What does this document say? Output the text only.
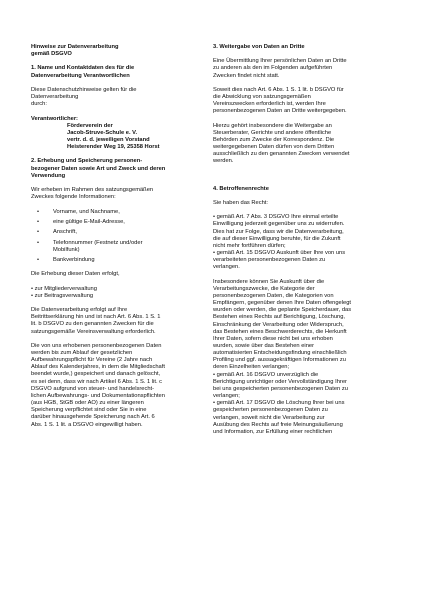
Hinweise zur Datenverarbeitung
gemäß DSGVO

1. Name und Kontaktdaten des für die
Datenverarbeitung Verantwortlichen

Diese Datenschutzhinweise gelten für die
Datenverarbeitung
durch:

Verantwortlicher:

Förderverein der
Jacob-Struve-Schule e. V.
vertr. d. d. jeweiligen Vorstand
Heisterender Weg 19, 25358 Horst

2. Erhebung und Speicherung personen-
bezogener Daten sowie Art und Zweck und deren
Verwendung

Wir erheben im Rahmen des satzungsgemäßen
Zweckes folgende Informationen:

• Vorname, und Nachname,
• eine gültige E-Mail-Adresse,
• Anschrift,
• Telefonnummer (Festnetz und/oder
Mobilfunk)
• Bankverbindung

Die Erhebung dieser Daten erfolgt,

• zur Mitgliederverwaltung
• zur Beitragsverwaltung

Die Datenverarbeitung erfolgt auf Ihre
Beitrittserklärung hin und ist nach Art. 6 Abs. 1 S. 1
lit. b DSGVO zu den genannten Zwecken für die
satzungsgemäße Vereinsverwaltung erforderlich.

Die von uns erhobenen personenbezogenen Daten
werden bis zum Ablauf der gesetzlichen
Aufbewahrungspflicht für Vereine (2 Jahre nach
Ablauf des Kalenderjahres, in dem die Mitgliedschaft
beendet wurde,) gespeichert und danach gelöscht,
es sei denn, dass wir nach Artikel 6 Abs. 1 S. 1 lit. c
DSGVO aufgrund von steuer- und handelsrecht-
lichen Aufbewahrungs- und Dokumentationspflichten
(aus HGB, StGB oder AO) zu einer längeren
Speicherung verpflichtet sind oder Sie in eine
darüber hinausgehende Speicherung nach Art. 6
Abs. 1 S. 1 lit. a DSGVO eingewilligt haben.

3. Weitergabe von Daten an Dritte

Eine Übermittlung Ihrer persönlichen Daten an Dritte
zu anderen als den im Folgenden aufgeführten
Zwecken findet nicht statt.

Soweit dies nach Art. 6 Abs. 1 S. 1 lit. b DSGVO für
die Abwicklung von satzungsgemäßen
Vereinszwecken erforderlich ist, werden Ihre
personenbezogenen Daten an Dritte weitergegeben.

Hierzu gehört insbesondere die Weitergabe an
Steuerberater, Gerichte und andere öffentliche
Behörden zum Zwecke der Korrespondenz. Die
weitergegebenen Daten dürfen von dem Dritten
ausschließlich zu den genannten Zwecken verwendet
werden.

4. Betroffenenrechte

Sie haben das Recht:

• gemäß Art. 7 Abs. 3 DSGVO Ihre einmal erteilte
Einwilligung jederzeit gegenüber uns zu widerrufen.
Dies hat zur Folge, dass wir die Datenverarbeitung,
die auf dieser Einwilligung beruhte, für die Zukunft
nicht mehr fortführen dürfen;
• gemäß Art. 15 DSGVO Auskunft über Ihre von uns
verarbeiteten personenbezogenen Daten zu
verlangen.

Insbesondere können Sie Auskunft über die
Verarbeitungszwecke, die Kategorie der
personenbezogenen Daten, die Kategorien von
Empfängern, gegenüber denen Ihre Daten offengelegt
wurden oder werden, die geplante Speicherdauer, das
Bestehen eines Rechts auf Berichtigung, Löschung,
Einschränkung der Verarbeitung oder Widerspruch,
das Bestehen eines Beschwerderechts, die Herkunft
Ihrer Daten, sofern diese nicht bei uns erhoben
wurden, sowie über das Bestehen einer
automatisierten Entscheidungsfindung einschließlich
Profiling und ggf. aussagekräftigen Informationen zu
deren Einzelheiten verlangen;
• gemäß Art. 16 DSGVO unverzüglich die
Berichtigung unrichtiger oder Vervollständigung Ihrer
bei uns gespeicherten personenbezogenen Daten zu
verlangen;
• gemäß Art. 17 DSGVO die Löschung Ihrer bei uns
gespeicherten personenbezogenen Daten zu
verlangen, soweit nicht die Verarbeitung zur
Ausübung des Rechts auf freie Meinungsäußerung
und Information, zur Erfüllung einer rechtlichen
